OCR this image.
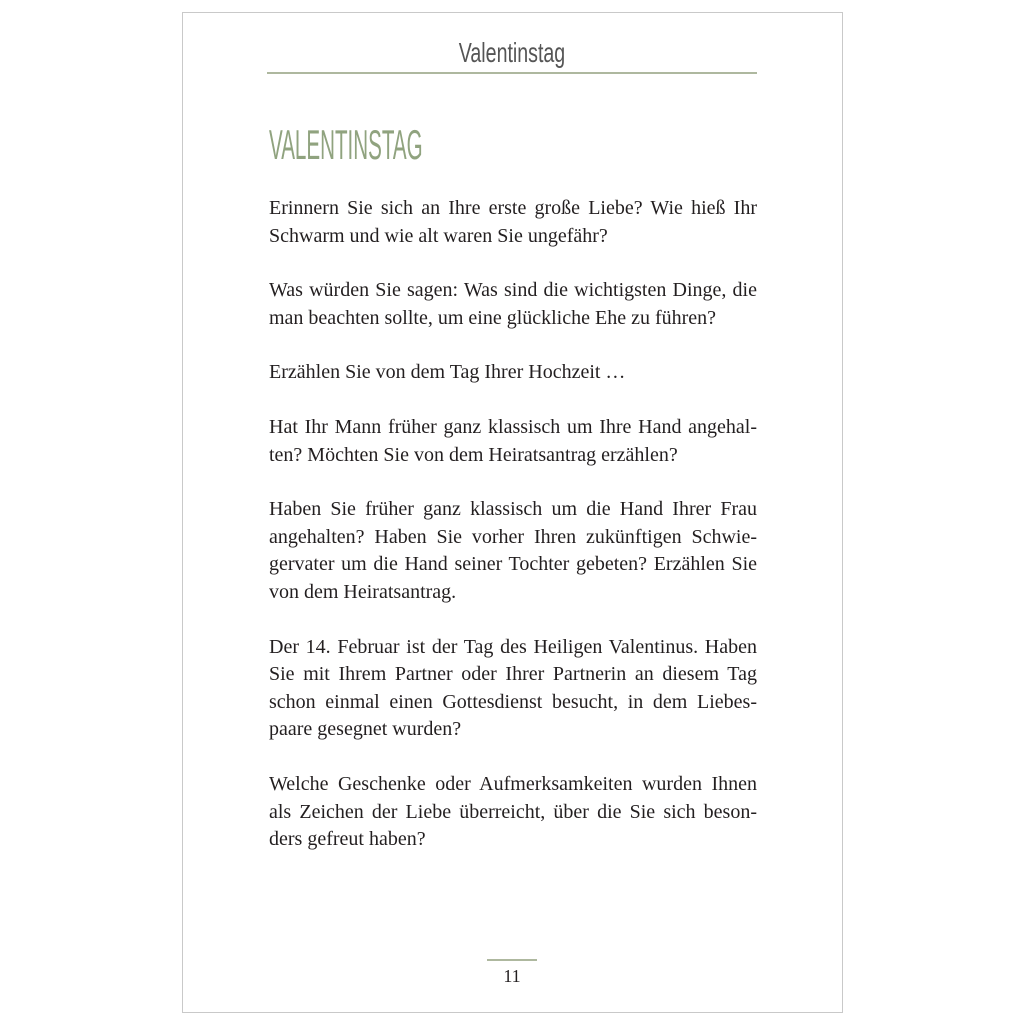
Valentinstag
VALENTINSTAG
Erinnern Sie sich an Ihre erste große Liebe? Wie hieß Ihr
Schwarm und wie alt waren Sie ungefähr?
Was würden Sie sagen: Was sind die wichtigsten Dinge, die
man beachten sollte, um eine glückliche Ehe zu führen?
Erzählen Sie von dem Tag Ihrer Hochzeit …
Hat Ihr Mann früher ganz klassisch um Ihre Hand angehal-
ten? Möchten Sie von dem Heiratsantrag erzählen?
Haben Sie früher ganz klassisch um die Hand Ihrer Frau
angehalten? Haben Sie vorher Ihren zukünftigen Schwie-
gervater um die Hand seiner Tochter gebeten? Erzählen Sie
von dem Heiratsantrag.
Der 14. Februar ist der Tag des Heiligen Valentinus. Haben
Sie mit Ihrem Partner oder Ihrer Partnerin an diesem Tag
schon einmal einen Gottesdienst besucht, in dem Liebes-
paare gesegnet wurden?
Welche Geschenke oder Aufmerksamkeiten wurden Ihnen
als Zeichen der Liebe überreicht, über die Sie sich beson-
ders gefreut haben?
11
